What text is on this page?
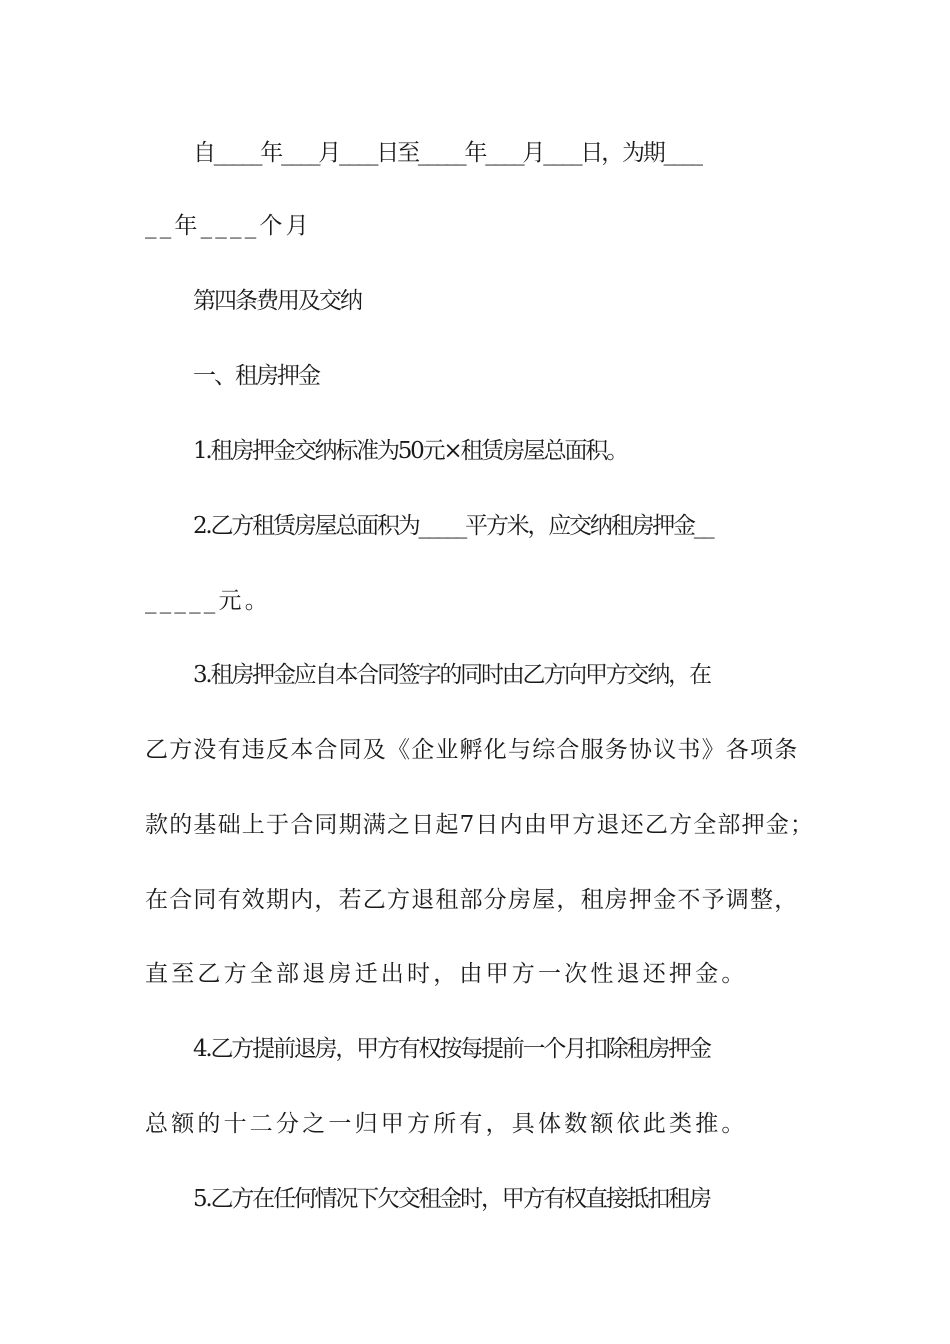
自_____年____月____日至_____年____月____日，为期____
__年____个月
第四条费用及交纳
一、租房押金
1.租房押金交纳标准为50元×租赁房屋总面积。
2.乙方租赁房屋总面积为_____平方米，应交纳租房押金__
_____元。
3.租房押金应自本合同签字的同时由乙方向甲方交纳，在
乙方没有违反本合同及《企业孵化与综合服务协议书》各项条
款的基础上于合同期满之日起7日内由甲方退还乙方全部押金；
在合同有效期内，若乙方退租部分房屋，租房押金不予调整，
直至乙方全部退房迁出时，由甲方一次性退还押金。
4.乙方提前退房，甲方有权按每提前一个月扣除租房押金
总额的十二分之一归甲方所有，具体数额依此类推。
5.乙方在任何情况下欠交租金时，甲方有权直接抵扣租房
